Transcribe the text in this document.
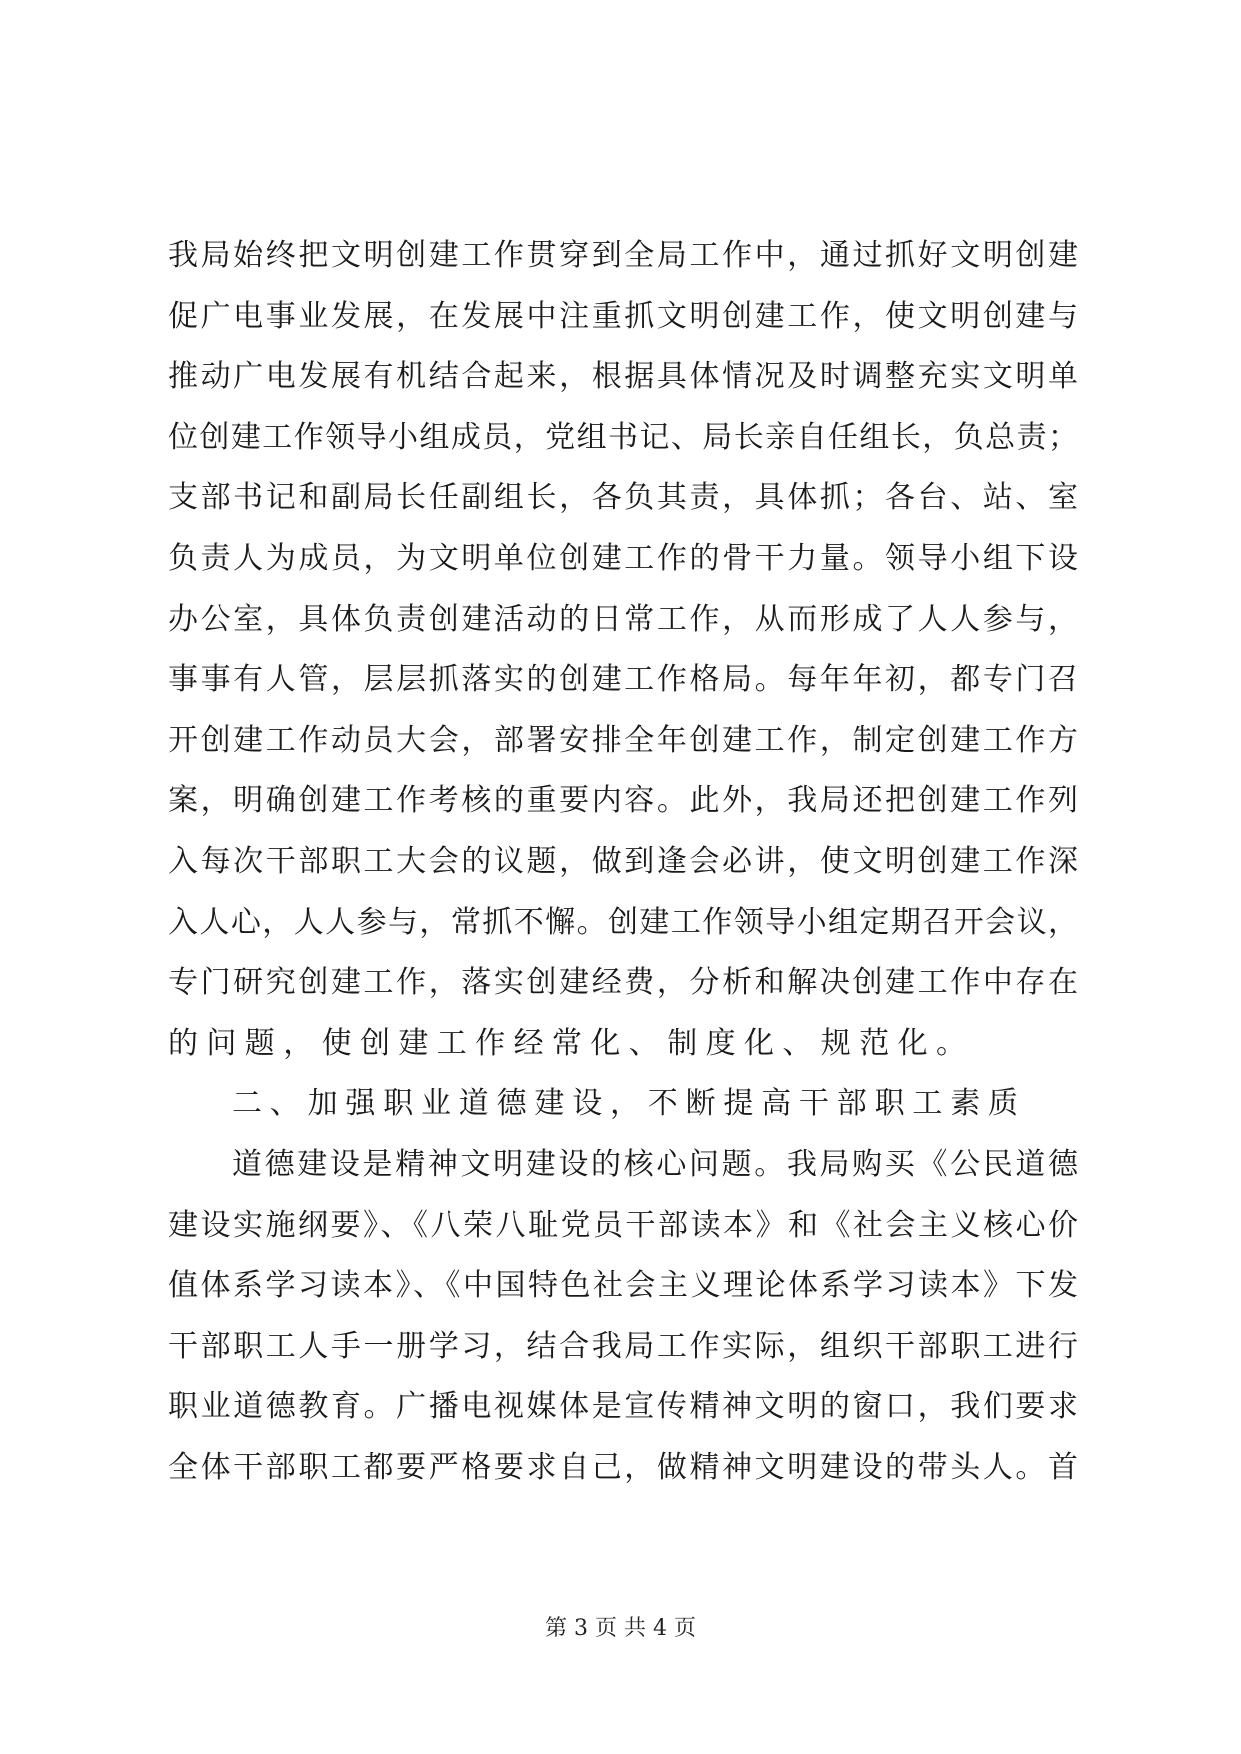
我局始终把文明创建工作贯穿到全局工作中，通过抓好文明创建
促广电事业发展，在发展中注重抓文明创建工作，使文明创建与
推动广电发展有机结合起来，根据具体情况及时调整充实文明单
位创建工作领导小组成员，党组书记、局长亲自任组长，负总责；
支部书记和副局长任副组长，各负其责，具体抓；各台、站、室
负责人为成员，为文明单位创建工作的骨干力量。领导小组下设
办公室，具体负责创建活动的日常工作，从而形成了人人参与，
事事有人管，层层抓落实的创建工作格局。每年年初，都专门召
开创建工作动员大会，部署安排全年创建工作，制定创建工作方
案，明确创建工作考核的重要内容。此外，我局还把创建工作列
入每次干部职工大会的议题，做到逢会必讲，使文明创建工作深
入人心，人人参与，常抓不懈。创建工作领导小组定期召开会议，
专门研究创建工作，落实创建经费，分析和解决创建工作中存在
的问题，使创建工作经常化、制度化、规范化。
二、加强职业道德建设，不断提高干部职工素质
道德建设是精神文明建设的核心问题。我局购买《公民道德
建设实施纲要》、《八荣八耻党员干部读本》和《社会主义核心价
值体系学习读本》、《中国特色社会主义理论体系学习读本》下发
干部职工人手一册学习，结合我局工作实际，组织干部职工进行
职业道德教育。广播电视媒体是宣传精神文明的窗口，我们要求
全体干部职工都要严格要求自己，做精神文明建设的带头人。首
第 3 页 共 4 页
